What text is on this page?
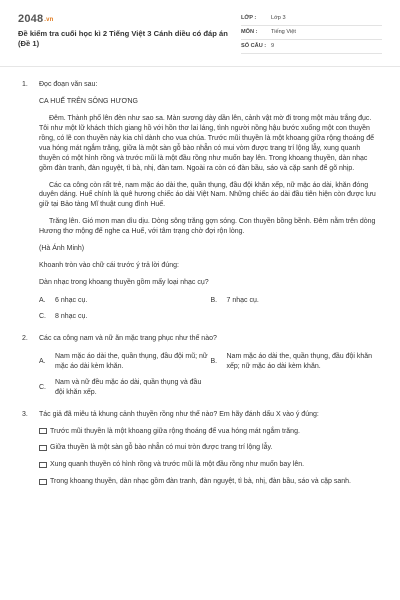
2048.vn
Đề kiểm tra cuối học kì 2 Tiếng Việt 3 Cánh diều có đáp án (Đề 1)
LỚP :	Lớp 3
MÔN :	Tiếng Việt
SỐ CÂU : 9
1. Đọc đoạn văn sau:
CA HUẾ TRÊN SÔNG HƯƠNG
Đêm. Thành phố lên đèn như sao sa. Màn sương dày dần lên, cảnh vật mờ đi trong một màu trắng đục. Tôi như một lữ khách thích giang hồ với hồn thơ lai láng, tình người nồng hậu bước xuống một con thuyền rồng, có lẽ con thuyền này kia chỉ dành cho vua chúa. Trước mũi thuyền là một khoang giữa rộng thoáng để vua hóng mát ngắm trăng, giữa là một sàn gỗ bào nhẵn có mui vòm được trang trí lộng lẫy, xung quanh thuyền có một hình rồng và trước mũi là một đầu rồng như muốn bay lên. Trong khoang thuyền, dàn nhạc gồm đàn tranh, đàn nguyệt, tì bà, nhị, đàn tam. Ngoài ra còn có đàn bầu, sáo và cặp sanh để gõ nhịp.
Các ca công còn rất trẻ, nam mặc áo dài the, quần thụng, đầu đội khăn xếp, nữ mặc áo dài, khăn đóng duyên dáng. Huế chính là quê hương chiếc áo dài Việt Nam. Những chiếc áo dài đầu tiên hiện còn được lưu giữ tại Bảo tàng Mĩ thuật cung đình Huế.
Trăng lên. Gió mơn man dìu dịu. Dòng sông trăng gợn sóng. Con thuyền bồng bềnh. Đêm nằm trên dòng Hương thơ mộng để nghe ca Huế, với tâm trạng chờ đợi rộn lòng.
(Hà Ánh Minh)
Khoanh tròn vào chữ cái trước ý trả lời đúng:
Dàn nhạc trong khoang thuyền gồm mấy loại nhạc cụ?
A.	6 nhạc cụ.	B.	7 nhạc cụ.
C.	8 nhạc cụ.
2. Các ca công nam và nữ ăn mặc trang phục như thế nào?
A.
Nam mặc áo dài the, quần thụng, đầu đội mũ; nữ mặc áo dài kèm khăn.
B.
Nam mặc áo dài the, quần thụng, đầu đội khăn xếp; nữ mặc áo dài kèm khăn.
C.
Nam và nữ đều mặc áo dài, quần thụng và đầu đội khăn xếp.
3. Tác giả đã miêu tả khung cảnh thuyền rồng như thế nào? Em hãy đánh dấu X vào ý đúng:
Trước mũi thuyền là một khoang giữa rộng thoáng để vua hóng mát ngắm trăng.
Giữa thuyền là một sàn gỗ bào nhẵn có mui tròn được trang trí lộng lẫy.
Xung quanh thuyền có hình rồng và trước mũi là một đầu rồng như muốn bay lên.
Trong khoang thuyền, dàn nhạc gồm đàn tranh, đàn nguyệt, tì bà, nhị, đàn bầu, sáo và cặp sanh.
